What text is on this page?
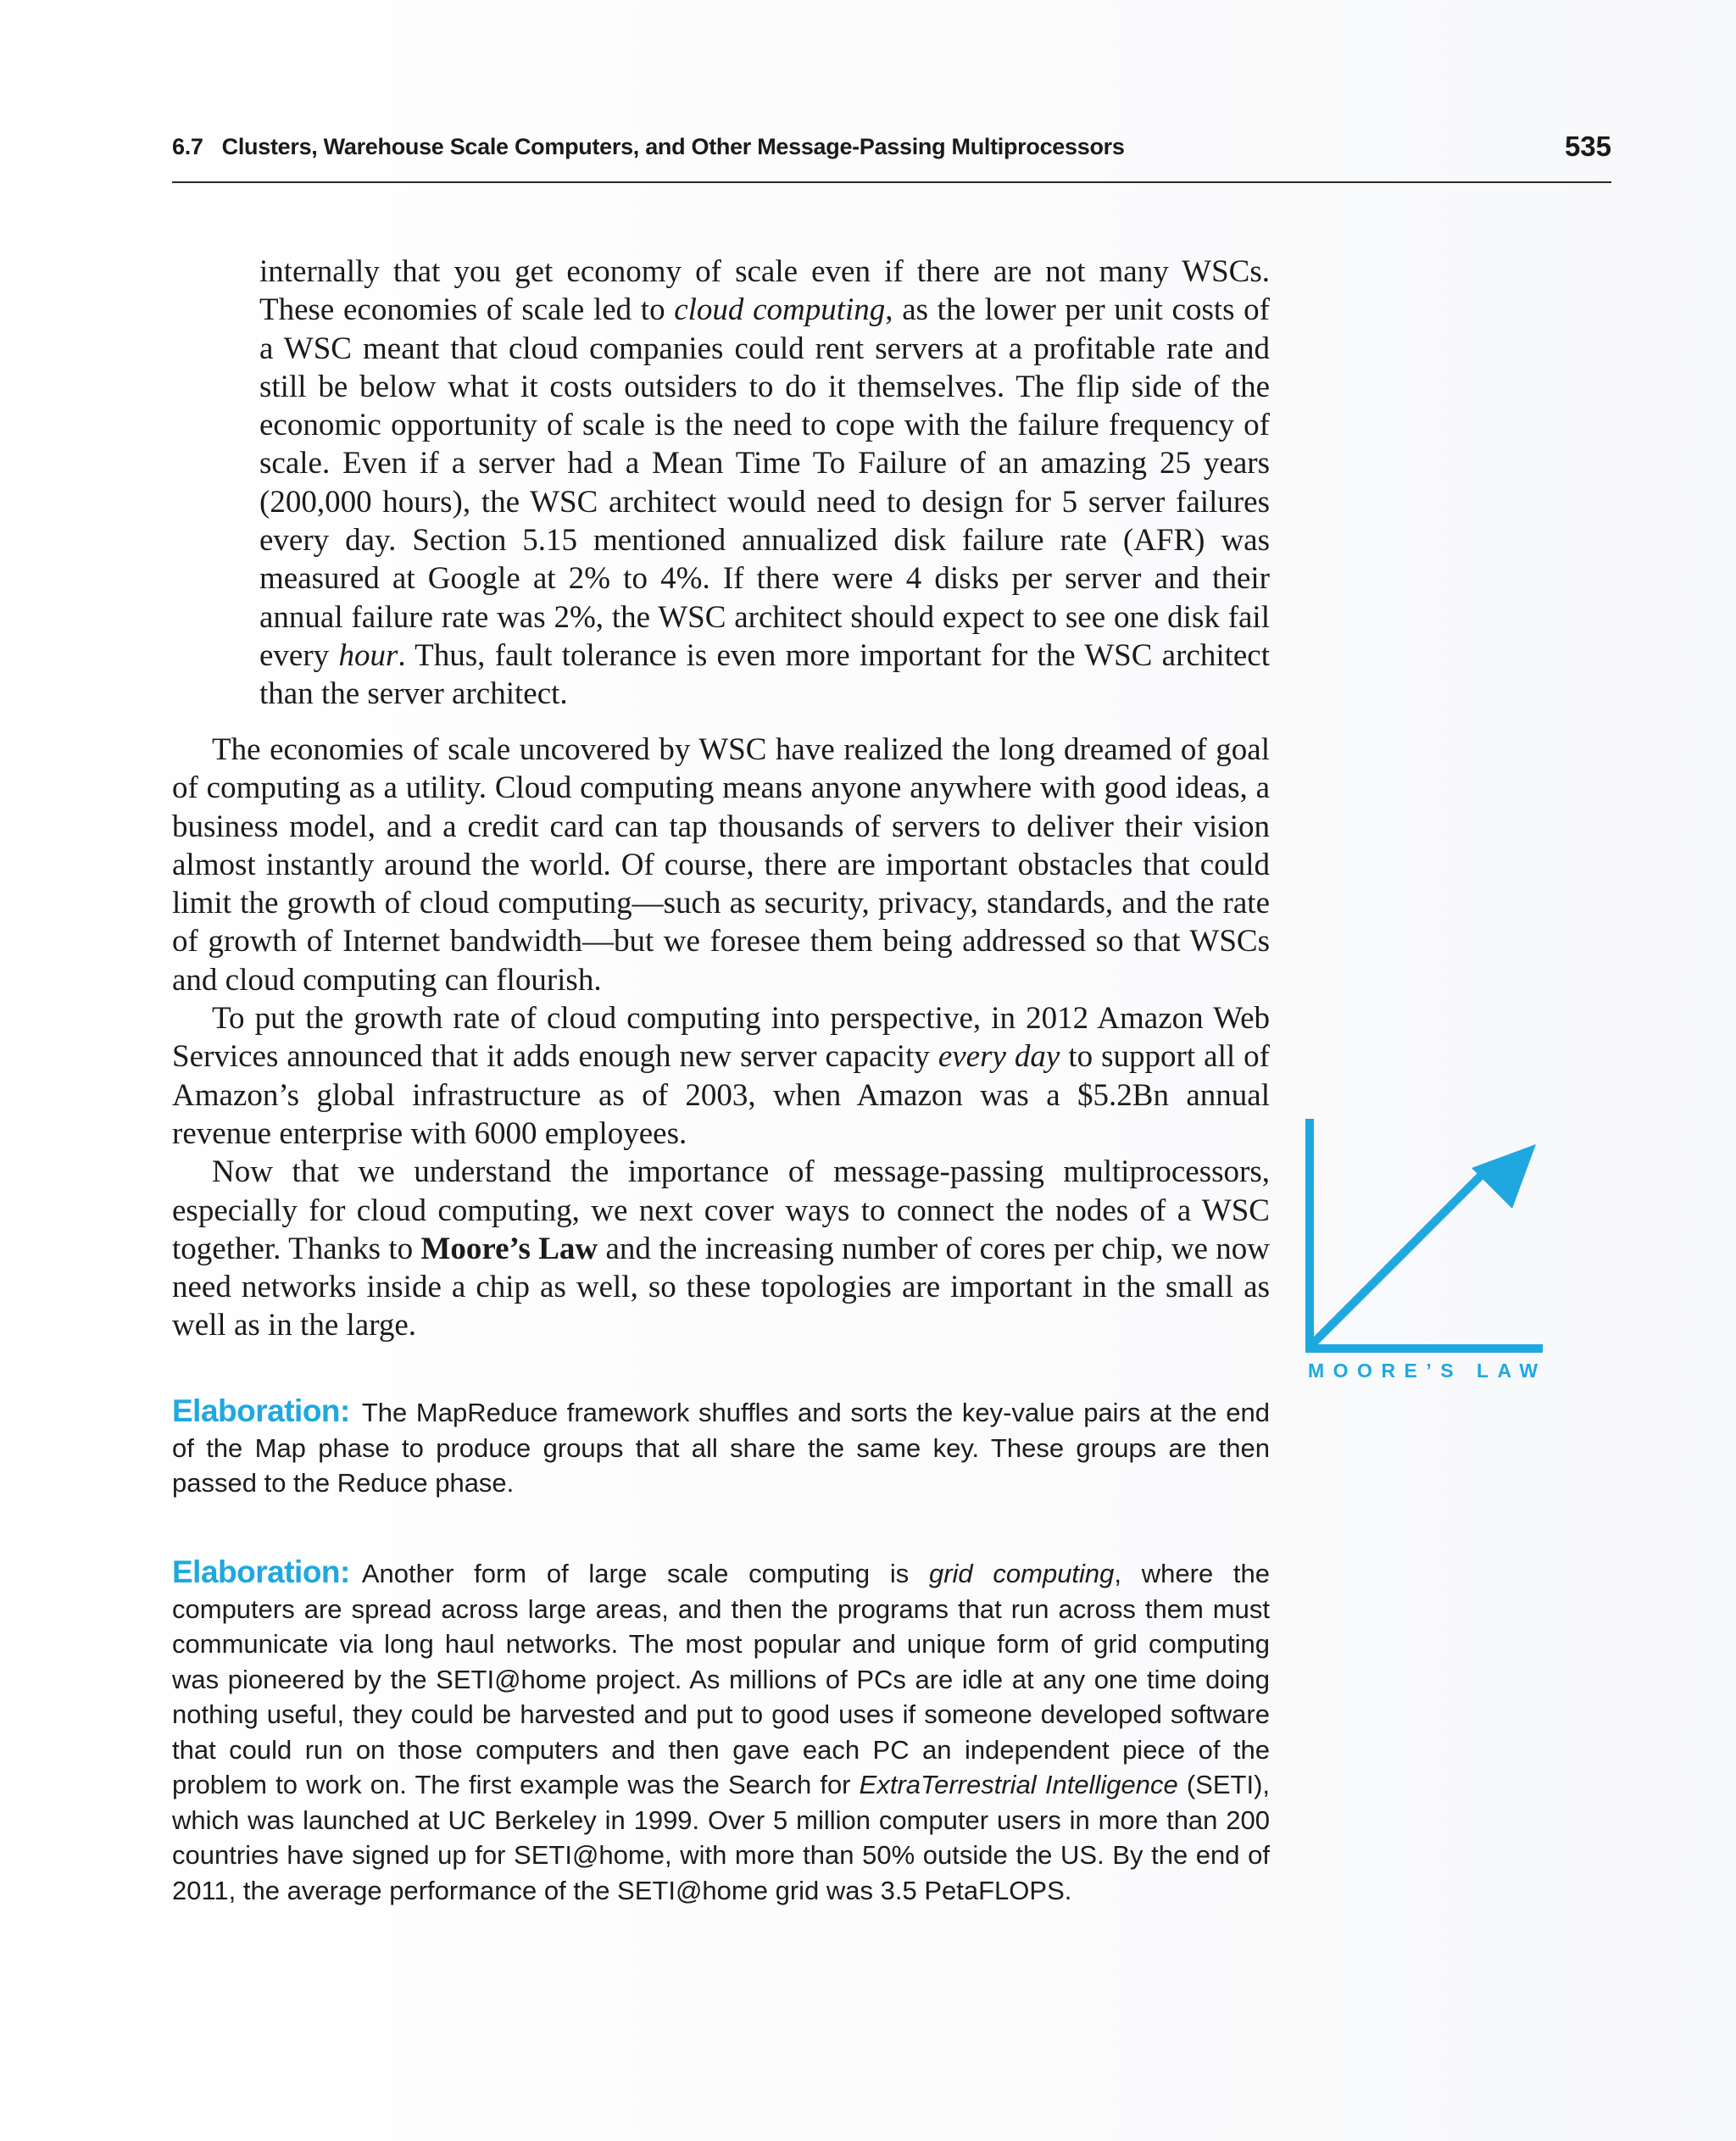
6.7 Clusters, Warehouse Scale Computers, and Other Message-Passing Multiprocessors	535

internally that you get economy of scale even if there are not many WSCs. These economies of scale led to cloud computing, as the lower per unit costs of a WSC meant that cloud companies could rent servers at a profitable rate and still be below what it costs outsiders to do it themselves. The flip side of the economic opportunity of scale is the need to cope with the failure frequency of scale. Even if a server had a Mean Time To Failure of an amazing 25 years (200,000 hours), the WSC architect would need to design for 5 server failures every day. Section 5.15 mentioned annualized disk failure rate (AFR) was measured at Google at 2% to 4%. If there were 4 disks per server and their annual failure rate was 2%, the WSC architect should expect to see one disk fail every hour. Thus, fault tolerance is even more important for the WSC architect than the server architect.

The economies of scale uncovered by WSC have realized the long dreamed of goal of computing as a utility. Cloud computing means anyone anywhere with good ideas, a business model, and a credit card can tap thousands of servers to deliver their vision almost instantly around the world. Of course, there are important obstacles that could limit the growth of cloud computing—such as security, privacy, standards, and the rate of growth of Internet bandwidth—but we foresee them being addressed so that WSCs and cloud computing can flourish.

To put the growth rate of cloud computing into perspective, in 2012 Amazon Web Services announced that it adds enough new server capacity every day to support all of Amazon’s global infrastructure as of 2003, when Amazon was a $5.2Bn annual revenue enterprise with 6000 employees.

Now that we understand the importance of message-passing multiprocessors, especially for cloud computing, we next cover ways to connect the nodes of a WSC together. Thanks to Moore’s Law and the increasing number of cores per chip, we now need networks inside a chip as well, so these topologies are important in the small as well as in the large.

MOORE’S LAW
Elaboration: The MapReduce framework shuffles and sorts the key-value pairs at the end of the Map phase to produce groups that all share the same key. These groups are then passed to the Reduce phase.
Elaboration: Another form of large scale computing is grid computing, where the computers are spread across large areas, and then the programs that run across them must communicate via long haul networks. The most popular and unique form of grid computing was pioneered by the SETI@home project. As millions of PCs are idle at any one time doing nothing useful, they could be harvested and put to good uses if someone developed software that could run on those computers and then gave each PC an independent piece of the problem to work on. The first example was the Search for ExtraTerrestrial Intelligence (SETI), which was launched at UC Berkeley in 1999. Over 5 million computer users in more than 200 countries have signed up for SETI@home, with more than 50% outside the US. By the end of 2011, the average performance of the SETI@home grid was 3.5 PetaFLOPS.
